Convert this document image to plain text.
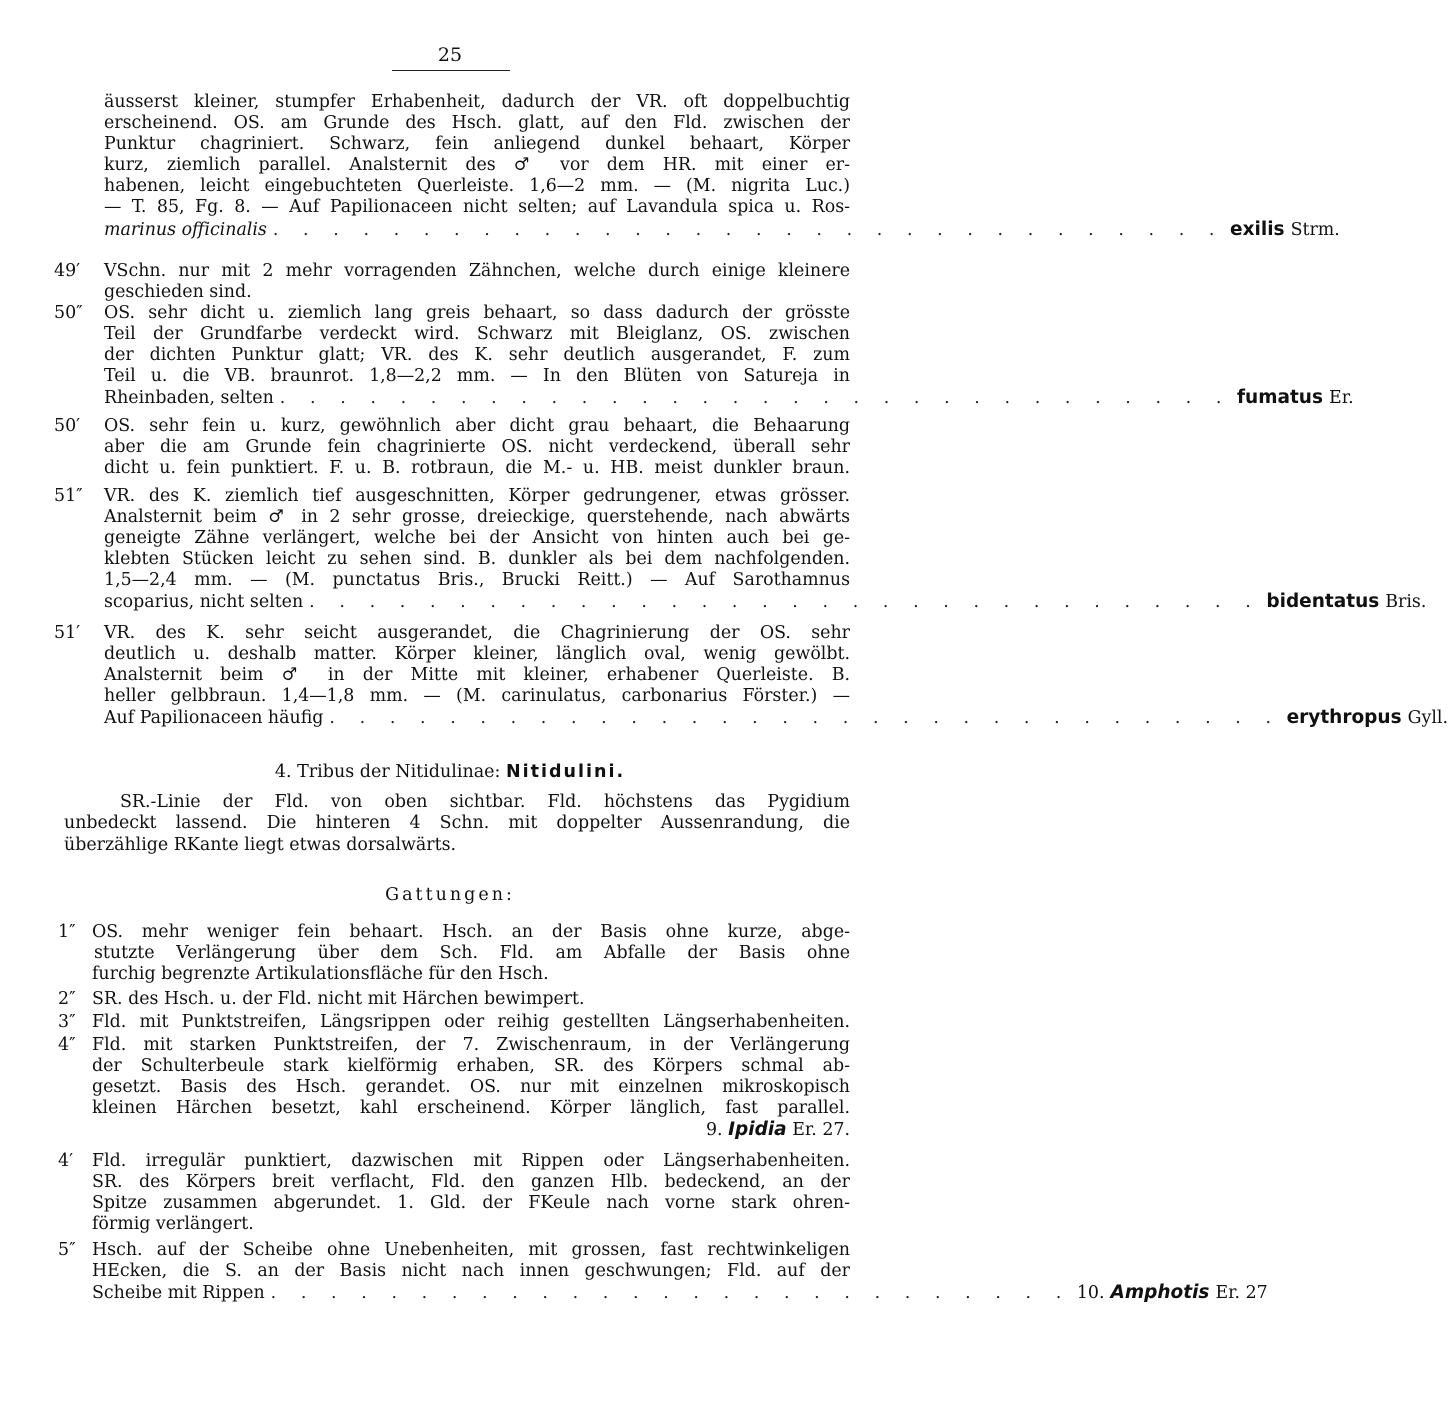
25
äusserst kleiner, stumpfer Erhabenheit, dadurch der VR. oft doppelbuchtig
erscheinend. OS. am Grunde des Hsch. glatt, auf den Fld. zwischen der
Punktur chagriniert. Schwarz, fein anliegend dunkel behaart, Körper
kurz, ziemlich parallel. Analsternit des ♂ vor dem HR. mit einer er-
habenen, leicht eingebuchteten Querleiste. 1,6—2 mm. — (M. nigrita Luc.)
— T. 85, Fg. 8. — Auf Papilionaceen nicht selten; auf Lavandula spica u. Ros-
marinus officinalis . . . . . . . . . . . . . . . . . . . . . . . . . . . . . . . . exilis Strm.
49′	VSchn. nur mit 2 mehr vorragenden Zähnchen, welche durch einige kleinere
geschieden sind.
50″	OS. sehr dicht u. ziemlich lang greis behaart, so dass dadurch der grösste
Teil der Grundfarbe verdeckt wird. Schwarz mit Bleiglanz, OS. zwischen
der dichten Punktur glatt; VR. des K. sehr deutlich ausgerandet, F. zum
Teil u. die VB. braunrot. 1,8—2,2 mm. — In den Blüten von Satureja in
Rheinbaden, selten . . . . . . . . . . . . . . . . . . . . . . . . . . . . . . . . fumatus Er.
50′	OS. sehr fein u. kurz, gewöhnlich aber dicht grau behaart, die Behaarung
aber die am Grunde fein chagrinierte OS. nicht verdeckend, überall sehr
dicht u. fein punktiert. F. u. B. rotbraun, die M.- u. HB. meist dunkler braun.
51″	VR. des K. ziemlich tief ausgeschnitten, Körper gedrungener, etwas grösser.
Analsternit beim ♂ in 2 sehr grosse, dreieckige, querstehende, nach abwärts
geneigte Zähne verlängert, welche bei der Ansicht von hinten auch bei ge-
klebten Stücken leicht zu sehen sind. B. dunkler als bei dem nachfolgenden.
1,5—2,4 mm. — (M. punctatus Bris., Brucki Reitt.) — Auf Sarothamnus
scoparius, nicht selten . . . . . . . . . . . . . . . . . . . . . . . . . . . . . . . . bidentatus Bris.
51′	VR. des K. sehr seicht ausgerandet, die Chagrinierung der OS. sehr
deutlich u. deshalb matter. Körper kleiner, länglich oval, wenig gewölbt.
Analsternit beim ♂ in der Mitte mit kleiner, erhabener Querleiste. B.
heller gelbbraun. 1,4—1,8 mm. — (M. carinulatus, carbonarius Förster.) —
Auf Papilionaceen häufig . . . . . . . . . . . . . . . . . . . . . . . . . . . . . . . . erythropus Gyll.
4. Tribus der Nitidulinae: Nitidulini.
SR.-Linie der Fld. von oben sichtbar. Fld. höchstens das Pygidium
unbedeckt lassend. Die hinteren 4 Schn. mit doppelter Aussenrandung, die
überzählige RKante liegt etwas dorsalwärts.
Gattungen:
1″ OS. mehr weniger fein behaart. Hsch. an der Basis ohne kurze, abge-
stutzte Verlängerung über dem Sch. Fld. am Abfalle der Basis ohne
furchig begrenzte Artikulationsfläche für den Hsch.
2″ SR. des Hsch. u. der Fld. nicht mit Härchen bewimpert.
3″ Fld. mit Punktstreifen, Längsrippen oder reihig gestellten Längserhabenheiten.
4″ Fld. mit starken Punktstreifen, der 7. Zwischenraum, in der Verlängerung
der Schulterbeule stark kielförmig erhaben, SR. des Körpers schmal ab-
gesetzt. Basis des Hsch. gerandet. OS. nur mit einzelnen mikroskopisch
kleinen Härchen besetzt, kahl erscheinend. Körper länglich, fast parallel.
9. Ipidia Er. 27.
4′ Fld. irregulär punktiert, dazwischen mit Rippen oder Längserhabenheiten.
SR. des Körpers breit verflacht, Fld. den ganzen Hlb. bedeckend, an der
Spitze zusammen abgerundet. 1. Gld. der FKeule nach vorne stark ohren-
förmig verlängert.
5″ Hsch. auf der Scheibe ohne Unebenheiten, mit grossen, fast rechtwinkeligen
HEcken, die S. an der Basis nicht nach innen geschwungen; Fld. auf der
Scheibe mit Rippen . . . . . . . . . . . . . . . . . . . . . . . . . . . 10. Amphotis Er. 27
